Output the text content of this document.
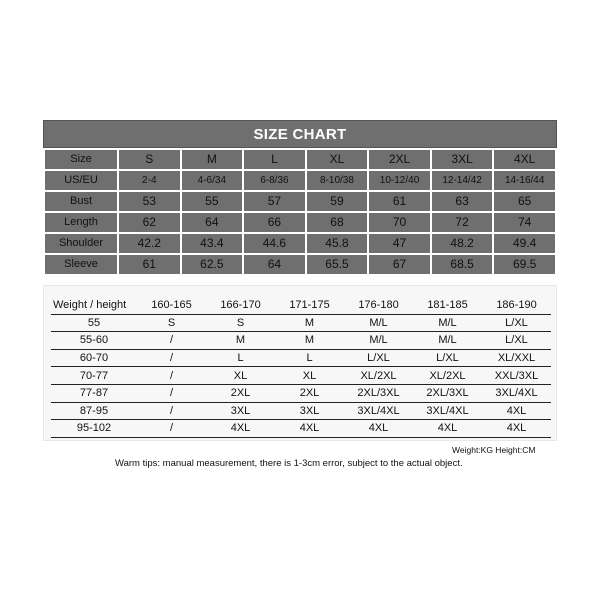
SIZE CHART
Size	S	M	L	XL	2XL	3XL	4XL
US/EU	2-4	4-6/34	6-8/36	8-10/38	10-12/40	12-14/42	14-16/44
Bust	53	55	57	59	61	63	65
Length	62	64	66	68	70	72	74
Shoulder	42.2	43.4	44.6	45.8	47	48.2	49.4
Sleeve	61	62.5	64	65.5	67	68.5	69.5
Weight / height	160-165	166-170	171-175	176-180	181-185	186-190
55	S	S	M	M/L	M/L	L/XL
55-60	/	M	M	M/L	M/L	L/XL
60-70	/	L	L	L/XL	L/XL	XL/XXL
70-77	/	XL	XL	XL/2XL	XL/2XL	XXL/3XL
77-87	/	2XL	2XL	2XL/3XL	2XL/3XL	3XL/4XL
87-95	/	3XL	3XL	3XL/4XL	3XL/4XL	4XL
95-102	/	4XL	4XL	4XL	4XL	4XL
Weight:KG Height:CM
Warm tips: manual measurement, there is 1-3cm error, subject to the actual object.
